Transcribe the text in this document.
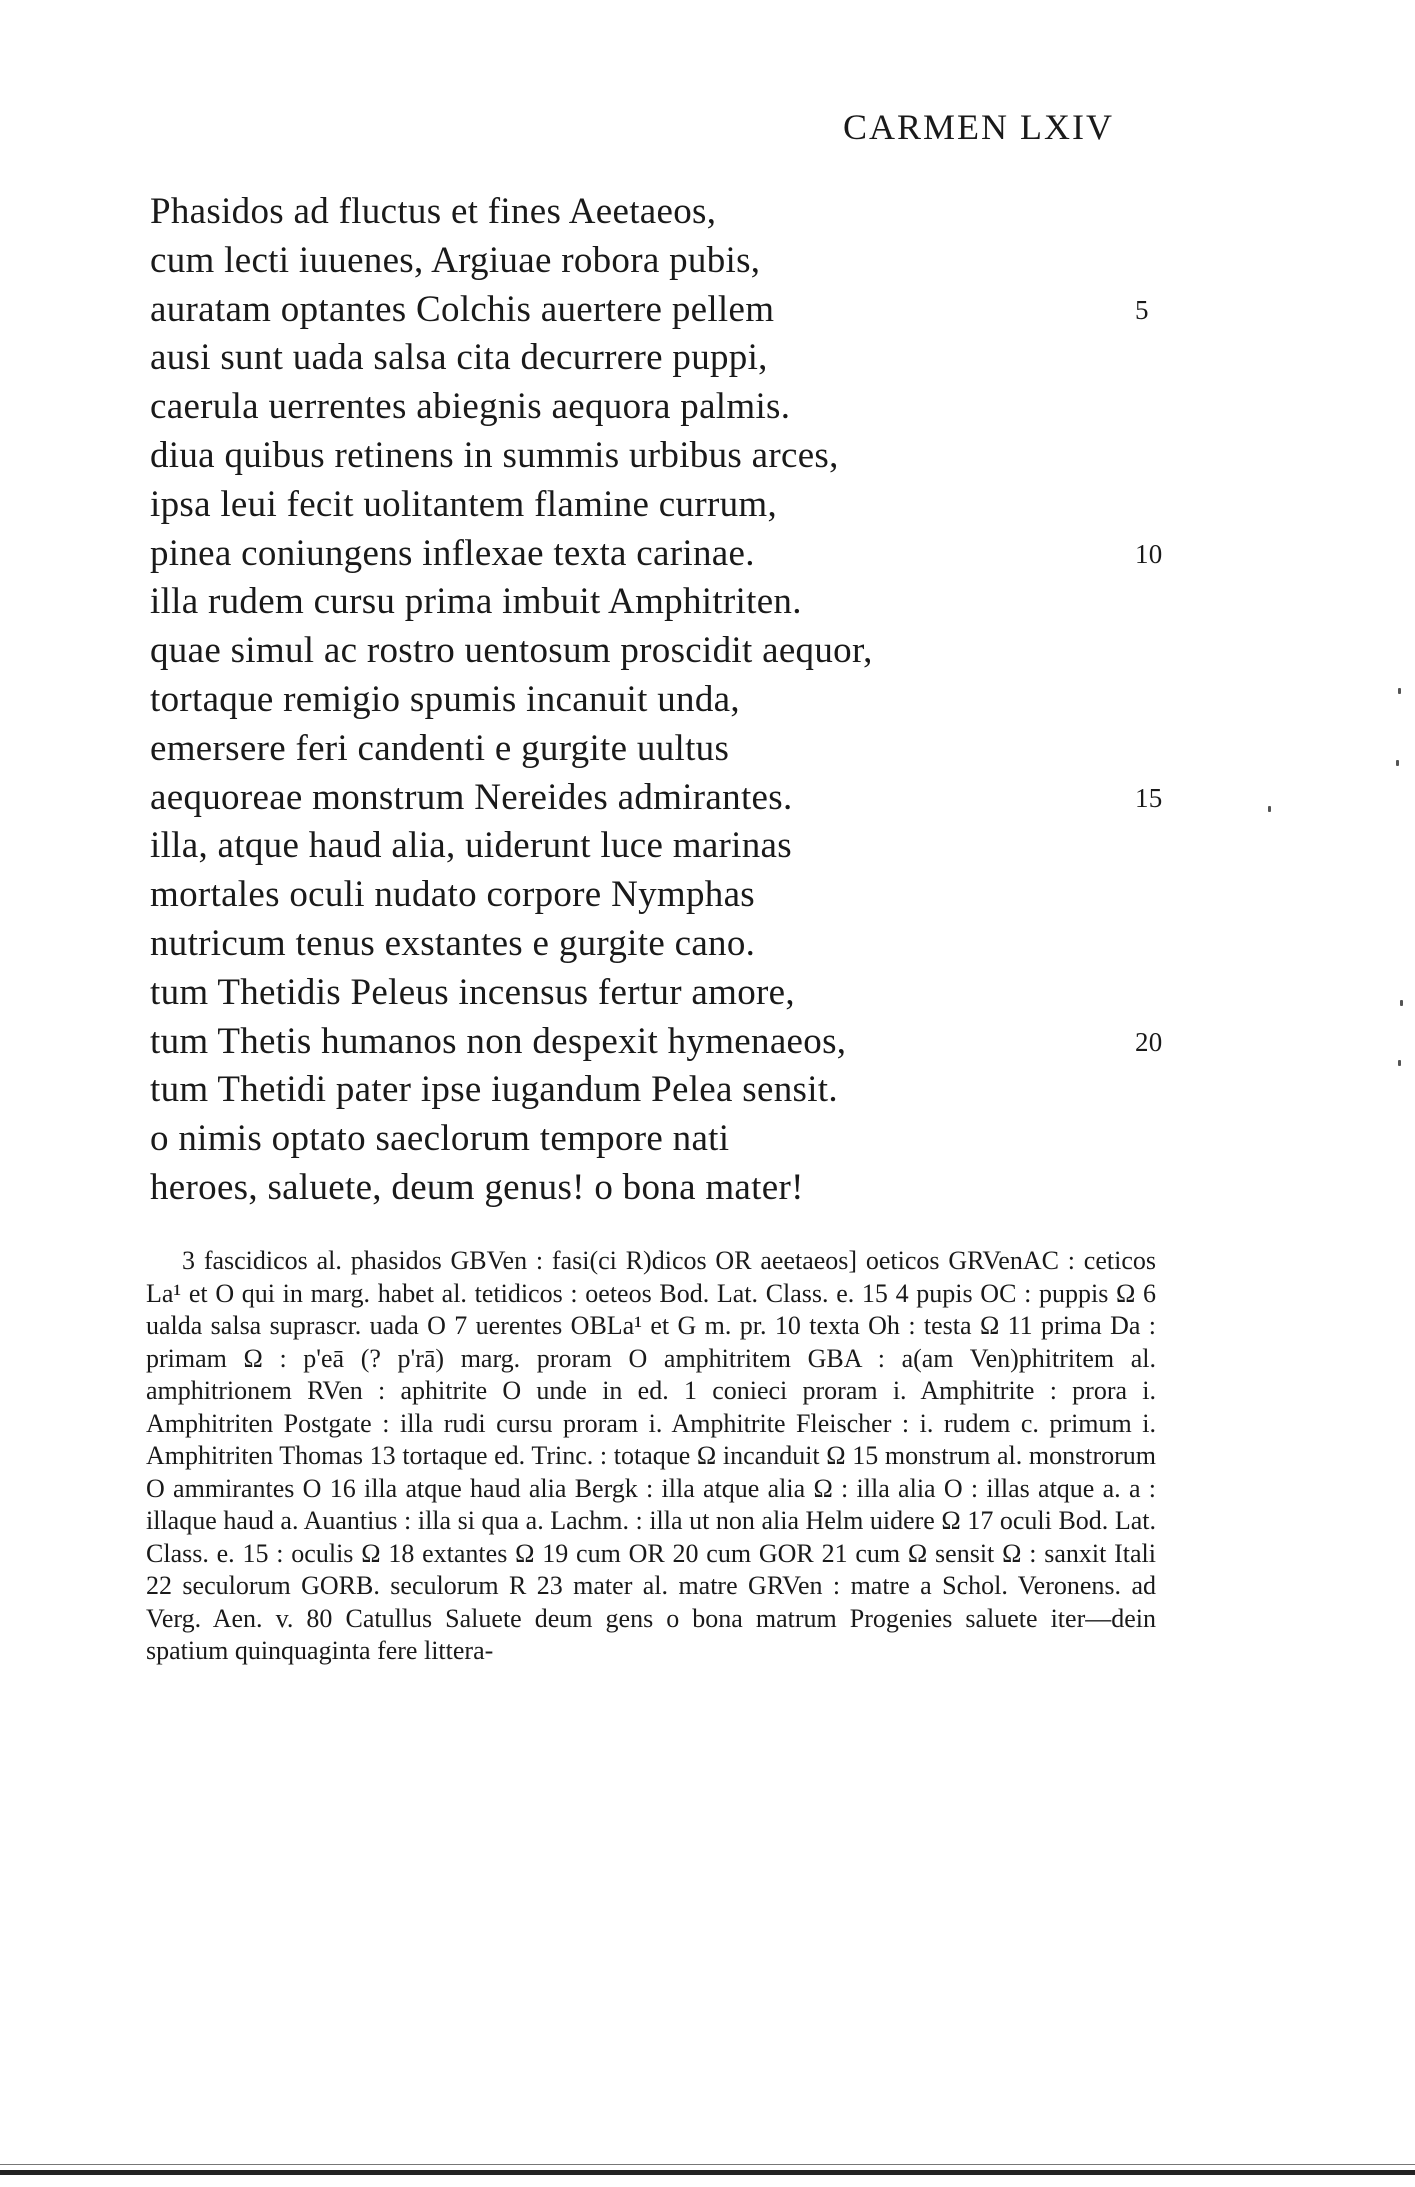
CARMEN LXIV
Phasidos ad fluctus et fines Aeetaeos,
cum lecti iuuenes, Argiuae robora pubis,
auratam optantes Colchis auertere pellem	5
ausi sunt uada salsa cita decurrere puppi,
caerula uerrentes abiegnis aequora palmis.
diua quibus retinens in summis urbibus arces,
ipsa leui fecit uolitantem flamine currum,
pinea coniungens inflexae texta carinae.	10
illa rudem cursu prima imbuit Amphitriten.
quae simul ac rostro uentosum proscidit aequor,
tortaque remigio spumis incanuit unda,
emersere feri candenti e gurgite uultus
aequoreae monstrum Nereides admirantes.	15
illa, atque haud alia, uiderunt luce marinas
mortales oculi nudato corpore Nymphas
nutricum tenus exstantes e gurgite cano.
tum Thetidis Peleus incensus fertur amore,
tum Thetis humanos non despexit hymenaeos,	20
tum Thetidi pater ipse iugandum Pelea sensit.
o nimis optato saeclorum tempore nati
heroes, saluete, deum genus! o bona mater!

3 fascidicos al. phasidos GBVen : fasi(ci R)dicos OR aeetaeos] oeticos GRVenAC : ceticos La¹ et O qui in marg. habet al. tetidicos : oeteos Bod. Lat. Class. e. 15 4 pupis OC : puppis Ω 6 ualda salsa suprascr. uada O 7 uerentes OBLa¹ et G m. pr. 10 texta Oh : testa Ω 11 prima Da : primam Ω : p'eā (? p'rā) marg. proram O amphitritem GBA : a(am Ven)phitritem al. amphitrionem RVen : aphitrite O unde in ed. 1 conieci proram i. Amphitrite : prora i. Amphitriten Postgate : illa rudi cursu proram i. Amphitrite Fleischer : i. rudem c. primum i. Amphitriten Thomas 13 tortaque ed. Trinc. : totaque Ω incanduit Ω 15 monstrum al. monstrorum O ammirantes O 16 illa atque haud alia Bergk : illa atque alia Ω : illa alia O : illas atque a. a : illaque haud a. Auantius : illa si qua a. Lachm. : illa ut non alia Helm uidere Ω 17 oculi Bod. Lat. Class. e. 15 : oculis Ω 18 extantes Ω 19 cum OR 20 cum GOR 21 cum Ω sensit Ω : sanxit Itali 22 seculorum GORB. seculorum R 23 mater al. matre GRVen : matre a Schol. Veronens. ad Verg. Aen. v. 80 Catullus Saluete deum gens o bona matrum Progenies saluete iter—dein spatium quinquaginta fere littera-
